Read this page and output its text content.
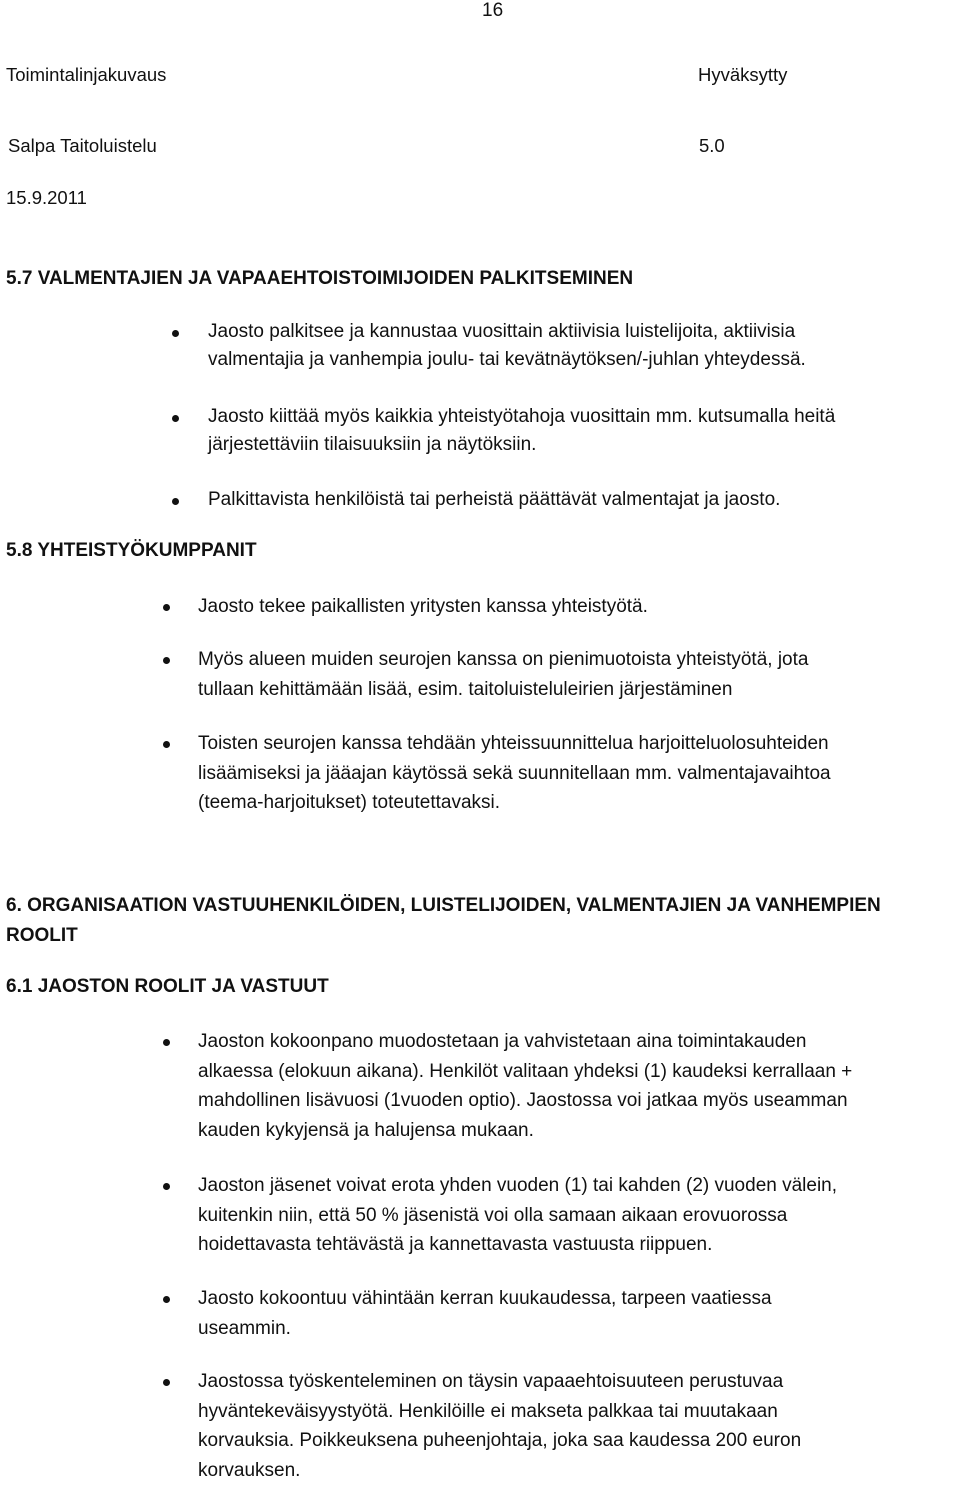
16
Toimintalinjakuvaus	Hyväksytty
Salpa Taitoluistelu	5.0
15.9.2011
5.7 VALMENTAJIEN JA VAPAAEHTOISTOIMIJOIDEN PALKITSEMINEN
Jaosto palkitsee ja kannustaa vuosittain aktiivisia luistelijoita, aktiivisia
valmentajia ja vanhempia joulu- tai kevätnäytöksen/-juhlan yhteydessä.
Jaosto kiittää myös kaikkia yhteistyötahoja vuosittain mm. kutsumalla heitä
järjestettäviin tilaisuuksiin ja näytöksiin.
Palkittavista henkilöistä tai perheistä päättävät valmentajat ja jaosto.
5.8 YHTEISTYÖKUMPPANIT
Jaosto tekee paikallisten yritysten kanssa yhteistyötä.
Myös alueen muiden seurojen kanssa on pienimuotoista yhteistyötä, jota
tullaan kehittämään lisää, esim. taitoluisteluleirien järjestäminen
Toisten seurojen kanssa tehdään yhteissuunnittelua harjoitteluolosuhteiden
lisäämiseksi ja jääajan käytössä sekä suunnitellaan mm. valmentajavaihtoa
(teema-harjoitukset) toteutettavaksi.
6. ORGANISAATION VASTUUHENKILÖIDEN, LUISTELIJOIDEN, VALMENTAJIEN JA VANHEMPIEN
ROOLIT
6.1 JAOSTON ROOLIT JA VASTUUT
Jaoston kokoonpano muodostetaan ja vahvistetaan aina toimintakauden
alkaessa (elokuun aikana). Henkilöt valitaan yhdeksi (1) kaudeksi kerrallaan +
mahdollinen lisävuosi (1vuoden optio). Jaostossa voi jatkaa myös useamman
kauden kykyjensä ja halujensa mukaan.
Jaoston jäsenet voivat erota yhden vuoden (1) tai kahden (2) vuoden välein,
kuitenkin niin, että 50 % jäsenistä voi olla samaan aikaan erovuorossa
hoidettavasta tehtävästä ja kannettavasta vastuusta riippuen.
Jaosto kokoontuu vähintään kerran kuukaudessa, tarpeen vaatiessa
useammin.
Jaostossa työskenteleminen on täysin vapaaehtoisuuteen perustuvaa
hyväntekeväisyystyötä. Henkilöille ei makseta palkkaa tai muutakaan
korvauksia. Poikkeuksena puheenjohtaja, joka saa kaudessa 200 euron
korvauksen.
